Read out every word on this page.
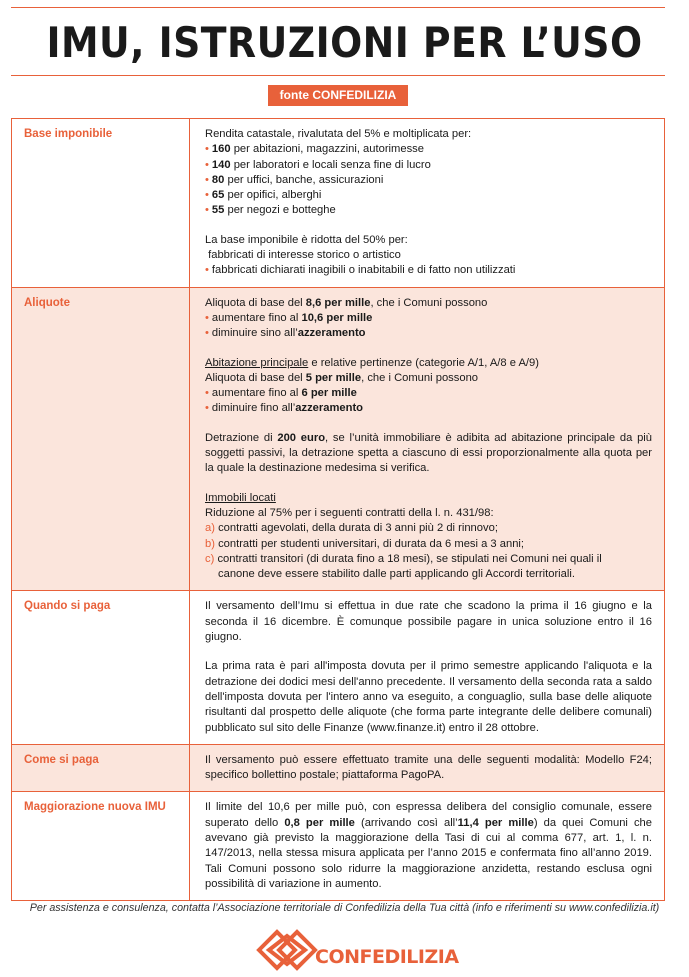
IMU, ISTRUZIONI PER L’USO
fonte CONFEDILIZIA
Base imponibile	Rendita catastale, rivalutata del 5% e moltiplicata per:

• 160 per abitazioni, magazzini, autorimesse

• 140 per laboratori e locali senza fine di lucro

• 80 per uffici, banche, assicurazioni

• 65 per opifici, alberghi

• 55 per negozi e botteghe

La base imponibile è ridotta del 50% per:

fabbricati di interesse storico o artistico

• fabbricati dichiarati inagibili o inabitabili e di fatto non utilizzati

Aliquote	Aliquota di base del 8,6 per mille, che i Comuni possono

• aumentare fino al 10,6 per mille

• diminuire sino all’azzeramento

Abitazione principale e relative pertinenze (categorie A/1, A/8 e A/9)

Aliquota di base del 5 per mille, che i Comuni possono

• aumentare fino al 6 per mille

• diminuire fino all’azzeramento

Detrazione di 200 euro, se l’unità immobiliare è adibita ad abitazione principale da più soggetti passivi, la detrazione spetta a ciascuno di essi proporzionalmente alla quota per la quale la destinazione medesima si verifica.

Immobili locati

Riduzione al 75% per i seguenti contratti della l. n. 431/98:

a) contratti agevolati, della durata di 3 anni più 2 di rinnovo;

b) contratti per studenti universitari, di durata da 6 mesi a 3 anni;

c) contratti transitori (di durata fino a 18 mesi), se stipulati nei Comuni nei quali il

canone deve essere stabilito dalle parti applicando gli Accordi territoriali.

Quando si paga	Il versamento dell’Imu si effettua in due rate che scadono la prima il 16 giugno e la seconda il 16 dicembre. È comunque possibile pagare in unica soluzione entro il 16 giugno.

La prima rata è pari all'imposta dovuta per il primo semestre applicando l'aliquota e la detrazione dei dodici mesi dell'anno precedente. Il versamento della seconda rata a saldo dell'imposta dovuta per l'intero anno va eseguito, a conguaglio, sulla base delle aliquote risultanti dal prospetto delle aliquote (che forma parte integrante delle delibere comunali) pubblicato sul sito delle Finanze (www.finanze.it) entro il 28 ottobre.

Come si paga	Il versamento può essere effettuato tramite una delle seguenti modalità: Modello F24; specifico bollettino postale; piattaforma PagoPA.

Maggiorazione nuova IMU	Il limite del 10,6 per mille può, con espressa delibera del consiglio comunale, essere superato dello 0,8 per mille (arrivando così all’11,4 per mille) da quei Comuni che avevano già previsto la maggiorazione della Tasi di cui al comma 677, art. 1, l. n. 147/2013, nella stessa misura applicata per l’anno 2015 e confermata fino all’anno 2019. Tali Comuni possono solo ridurre la maggiorazione anzidetta, restando esclusa ogni possibilità di variazione in aumento.

Per assistenza e consulenza, contatta l’Associazione territoriale di Confedilizia della Tua città (info e riferimenti su www.confedilizia.it)
CONFEDILIZIA
